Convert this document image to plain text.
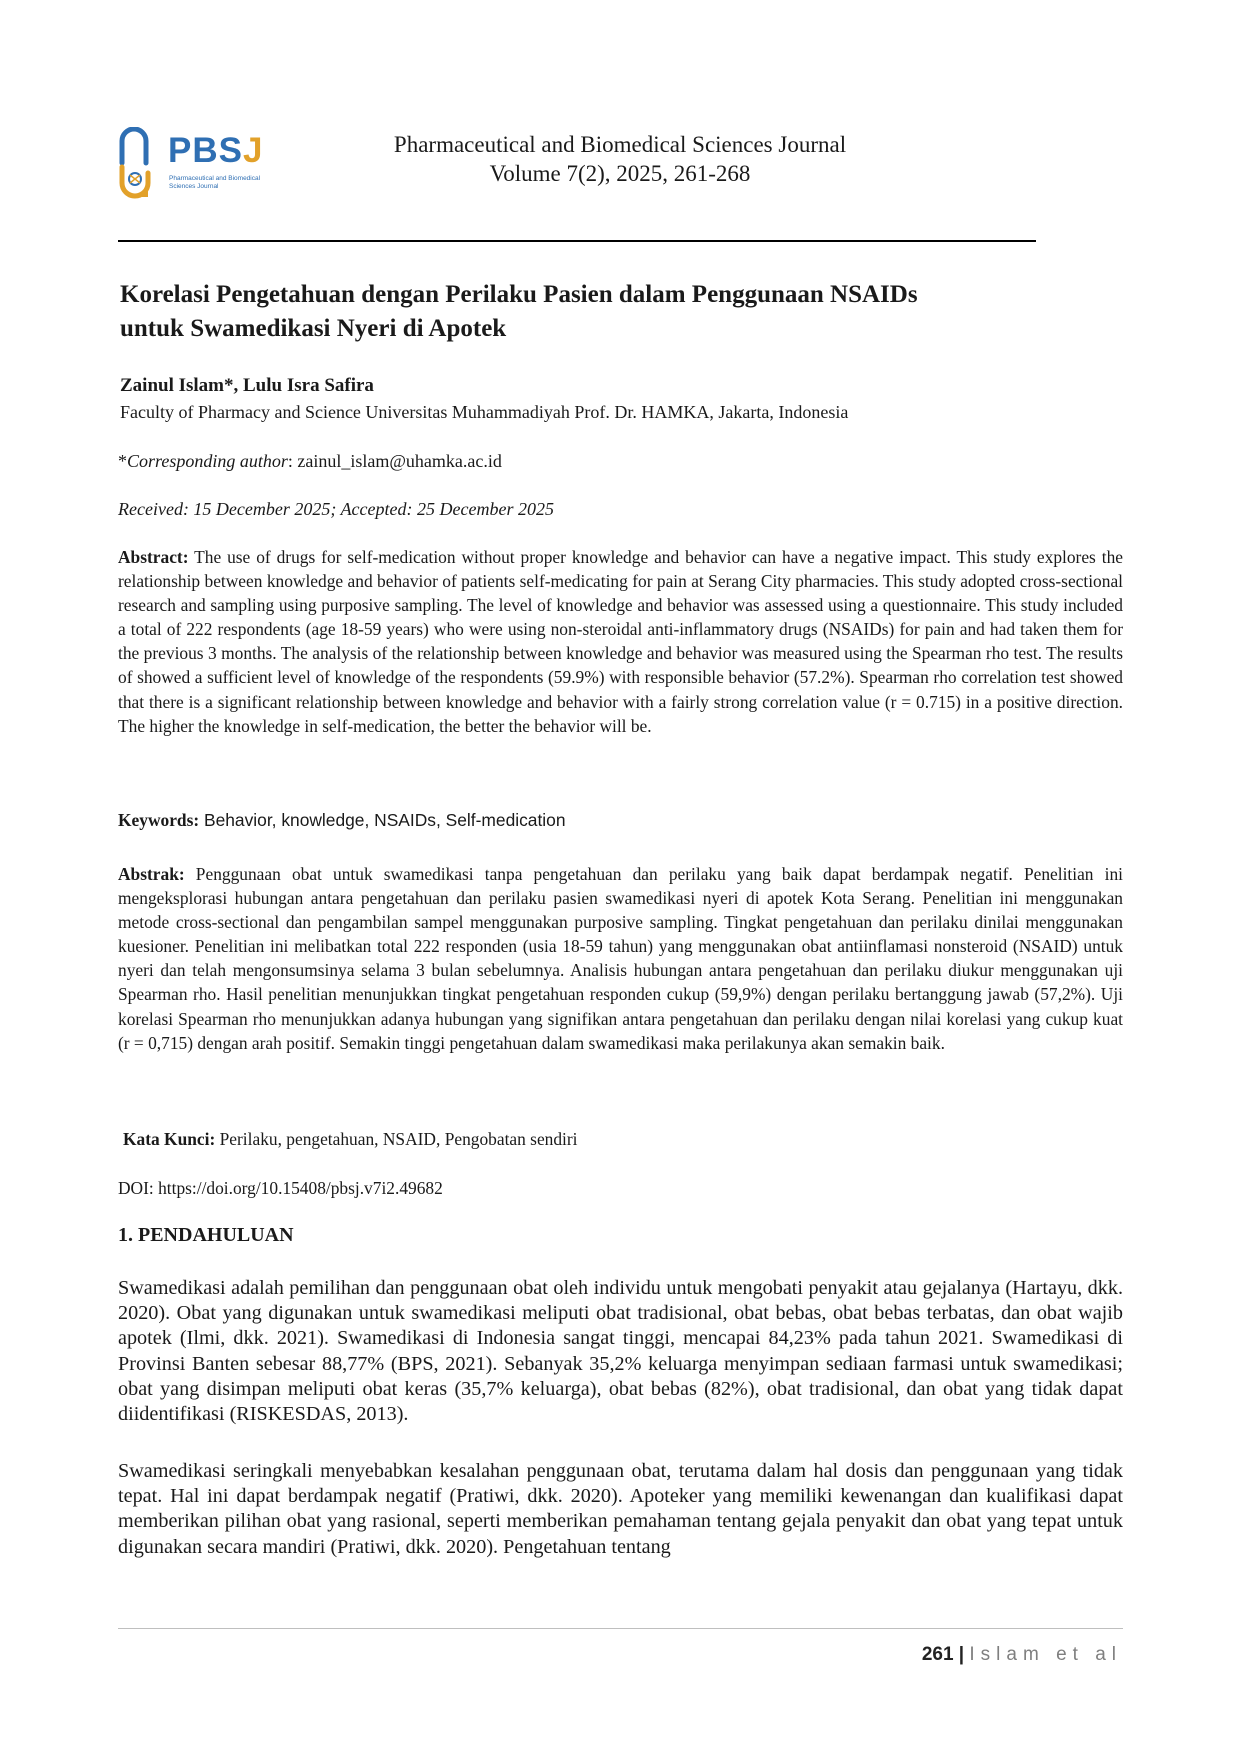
PBSJ
Pharmaceutical and Biomedical Sciences Journal
Pharmaceutical and Biomedical Sciences Journal
Volume 7(2), 2025, 261-268
Korelasi Pengetahuan dengan Perilaku Pasien dalam Penggunaan NSAIDs
untuk Swamedikasi Nyeri di Apotek
Zainul Islam*, Lulu Isra Safira
Faculty of Pharmacy and Science Universitas Muhammadiyah Prof. Dr. HAMKA, Jakarta, Indonesia
*Corresponding author: zainul_islam@uhamka.ac.id
Received: 15 December 2025; Accepted: 25 December 2025

Abstract: The use of drugs for self-medication without proper knowledge and behavior can have a negative impact. This study explores the relationship between knowledge and behavior of patients self-medicating for pain at Serang City pharmacies. This study adopted cross-sectional research and sampling using purposive sampling. The level of knowledge and behavior was assessed using a questionnaire. This study included a total of 222 respondents (age 18-59 years) who were using non-steroidal anti-inflammatory drugs (NSAIDs) for pain and had taken them for the previous 3 months. The analysis of the relationship between knowledge and behavior was measured using the Spearman rho test. The results of showed a sufficient level of knowledge of the respondents (59.9%) with responsible behavior (57.2%). Spearman rho correlation test showed that there is a significant relationship between knowledge and behavior with a fairly strong correlation value (r = 0.715) in a positive direction. The higher the knowledge in self-medication, the better the behavior will be.

Keywords: Behavior, knowledge, NSAIDs, Self-medication

Abstrak: Penggunaan obat untuk swamedikasi tanpa pengetahuan dan perilaku yang baik dapat berdampak negatif. Penelitian ini mengeksplorasi hubungan antara pengetahuan dan perilaku pasien swamedikasi nyeri di apotek Kota Serang. Penelitian ini menggunakan metode cross-sectional dan pengambilan sampel menggunakan purposive sampling. Tingkat pengetahuan dan perilaku dinilai menggunakan kuesioner. Penelitian ini melibatkan total 222 responden (usia 18-59 tahun) yang menggunakan obat antiinflamasi nonsteroid (NSAID) untuk nyeri dan telah mengonsumsinya selama 3 bulan sebelumnya. Analisis hubungan antara pengetahuan dan perilaku diukur menggunakan uji Spearman rho. Hasil penelitian menunjukkan tingkat pengetahuan responden cukup (59,9%) dengan perilaku bertanggung jawab (57,2%). Uji korelasi Spearman rho menunjukkan adanya hubungan yang signifikan antara pengetahuan dan perilaku dengan nilai korelasi yang cukup kuat (r = 0,715) dengan arah positif. Semakin tinggi pengetahuan dalam swamedikasi maka perilakunya akan semakin baik.

Kata Kunci: Perilaku, pengetahuan, NSAID, Pengobatan sendiri

DOI: https://doi.org/10.15408/pbsj.v7i2.49682

1. PENDAHULUAN

Swamedikasi adalah pemilihan dan penggunaan obat oleh individu untuk mengobati penyakit atau gejalanya (Hartayu, dkk. 2020). Obat yang digunakan untuk swamedikasi meliputi obat tradisional, obat bebas, obat bebas terbatas, dan obat wajib apotek (Ilmi, dkk. 2021). Swamedikasi di Indonesia sangat tinggi, mencapai 84,23% pada tahun 2021. Swamedikasi di Provinsi Banten sebesar 88,77% (BPS, 2021). Sebanyak 35,2% keluarga menyimpan sediaan farmasi untuk swamedikasi; obat yang disimpan meliputi obat keras (35,7% keluarga), obat bebas (82%), obat tradisional, dan obat yang tidak dapat diidentifikasi (RISKESDAS, 2013).

Swamedikasi seringkali menyebabkan kesalahan penggunaan obat, terutama dalam hal dosis dan penggunaan yang tidak tepat. Hal ini dapat berdampak negatif (Pratiwi, dkk. 2020). Apoteker yang memiliki kewenangan dan kualifikasi dapat memberikan pilihan obat yang rasional, seperti memberikan pemahaman tentang gejala penyakit dan obat yang tepat untuk digunakan secara mandiri (Pratiwi, dkk. 2020). Pengetahuan tentang

261 | Islam et al
